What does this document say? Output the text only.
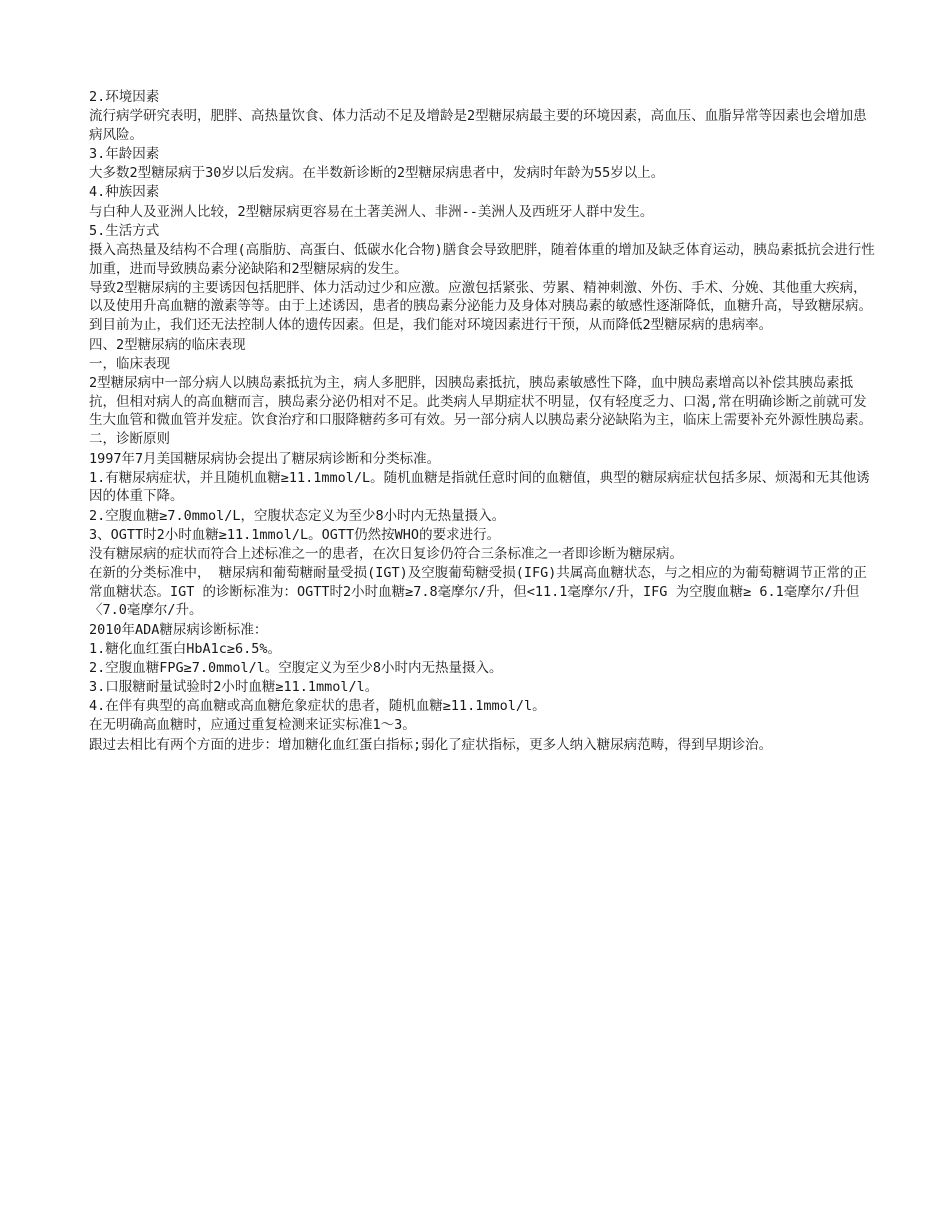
2.环境因素

流行病学研究表明，肥胖、高热量饮食、体力活动不足及增龄是2型糖尿病最主要的环境因素，高血压、血脂异常等因素也会增加患病风险。

3.年龄因素

大多数2型糖尿病于30岁以后发病。在半数新诊断的2型糖尿病患者中，发病时年龄为55岁以上。

4.种族因素

与白种人及亚洲人比较，2型糖尿病更容易在土著美洲人、非洲--美洲人及西班牙人群中发生。

5.生活方式

摄入高热量及结构不合理(高脂肪、高蛋白、低碳水化合物)膳食会导致肥胖，随着体重的增加及缺乏体育运动，胰岛素抵抗会进行性加重，进而导致胰岛素分泌缺陷和2型糖尿病的发生。

导致2型糖尿病的主要诱因包括肥胖、体力活动过少和应激。应激包括紧张、劳累、精神刺激、外伤、手术、分娩、其他重大疾病，以及使用升高血糖的激素等等。由于上述诱因，患者的胰岛素分泌能力及身体对胰岛素的敏感性逐渐降低，血糖升高，导致糖尿病。

到目前为止，我们还无法控制人体的遗传因素。但是，我们能对环境因素进行干预，从而降低2型糖尿病的患病率。

四、2型糖尿病的临床表现

一，临床表现

2型糖尿病中一部分病人以胰岛素抵抗为主，病人多肥胖，因胰岛素抵抗，胰岛素敏感性下降，血中胰岛素增高以补偿其胰岛素抵抗，但相对病人的高血糖而言，胰岛素分泌仍相对不足。此类病人早期症状不明显，仅有轻度乏力、口渴,常在明确诊断之前就可发生大血管和微血管并发症。饮食治疗和口服降糖药多可有效。另一部分病人以胰岛素分泌缺陷为主，临床上需要补充外源性胰岛素。

二，诊断原则

1997年7月美国糖尿病协会提出了糖尿病诊断和分类标准。

1.有糖尿病症状，并且随机血糖≥11.1mmol/L。随机血糖是指就任意时间的血糖值，典型的糖尿病症状包括多尿、烦渴和无其他诱因的体重下降。

2.空腹血糖≥7.0mmol/L，空腹状态定义为至少8小时内无热量摄入。

3、OGTT时2小时血糖≥11.1mmol/L。OGTT仍然按WHO的要求进行。

没有糖尿病的症状而符合上述标准之一的患者，在次日复诊仍符合三条标准之一者即诊断为糖尿病。

在新的分类标准中， 糖尿病和葡萄糖耐量受损(IGT)及空腹葡萄糖受损(IFG)共属高血糖状态，与之相应的为葡萄糖调节正常的正常血糖状态。IGT 的诊断标准为：OGTT时2小时血糖≥7.8毫摩尔/升，但<11.1毫摩尔/升，IFG 为空腹血糖≥ 6.1毫摩尔/升但〈7.0毫摩尔/升。

2010年ADA糖尿病诊断标准：

1.糖化血红蛋白HbA1c≥6.5%。

2.空腹血糖FPG≥7.0mmol/l。空腹定义为至少8小时内无热量摄入。

3.口服糖耐量试验时2小时血糖≥11.1mmol/l。

4.在伴有典型的高血糖或高血糖危象症状的患者，随机血糖≥11.1mmol/l。

在无明确高血糖时，应通过重复检测来证实标准1～3。

跟过去相比有两个方面的进步：增加糖化血红蛋白指标;弱化了症状指标，更多人纳入糖尿病范畴，得到早期诊治。
